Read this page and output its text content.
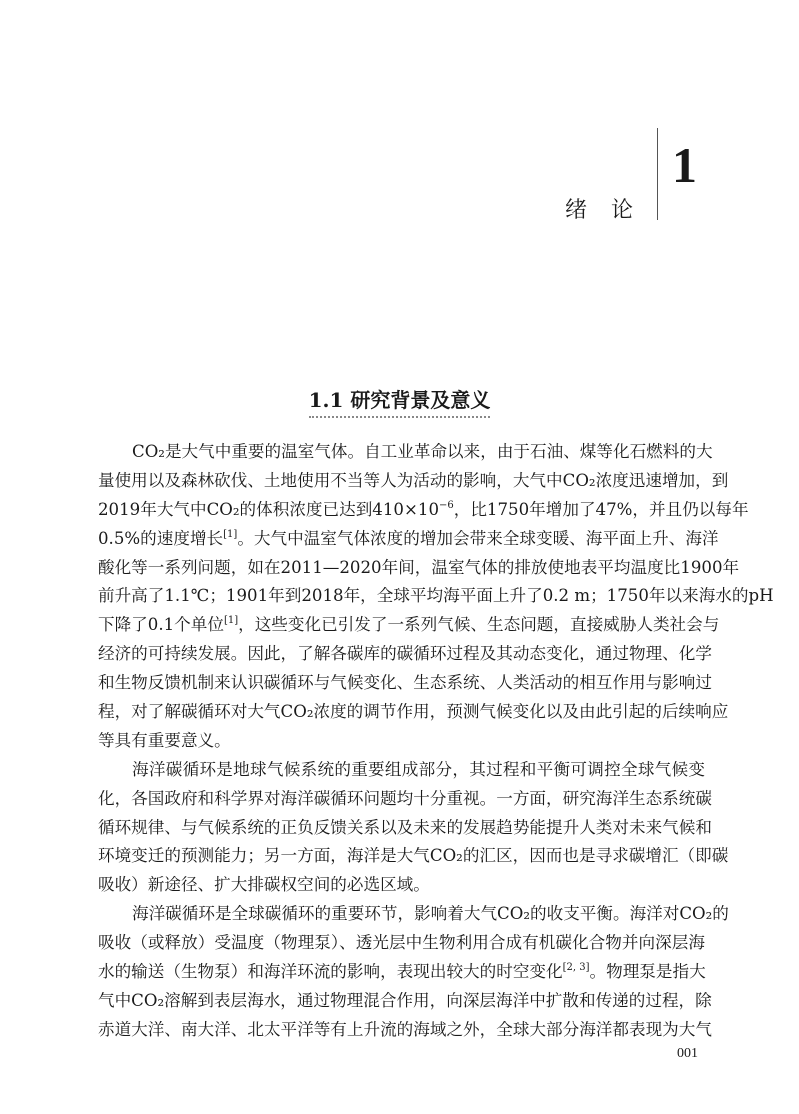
1
绪论
1.1 研究背景及意义
CO₂是大气中重要的温室气体。自工业革命以来，由于石油、煤等化石燃料的大
量使用以及森林砍伐、土地使用不当等人为活动的影响，大气中CO₂浓度迅速增加，到
2019年大气中CO₂的体积浓度已达到$410\times 10^{-6}$，比1750年增加了47%，并且仍以每年
0.5%的速度增长[1]。大气中温室气体浓度的增加会带来全球变暖、海平面上升、海洋
酸化等一系列问题，如在2011—2020年间，温室气体的排放使地表平均温度比1900年
前升高了1.1℃；1901年到2018年，全球平均海平面上升了0.2 m；1750年以来海水的pH
下降了0.1个单位[1]，这些变化已引发了一系列气候、生态问题，直接威胁人类社会与
经济的可持续发展。因此，了解各碳库的碳循环过程及其动态变化，通过物理、化学
和生物反馈机制来认识碳循环与气候变化、生态系统、人类活动的相互作用与影响过
程，对了解碳循环对大气CO₂浓度的调节作用，预测气候变化以及由此引起的后续响应
等具有重要意义。
海洋碳循环是地球气候系统的重要组成部分，其过程和平衡可调控全球气候变
化，各国政府和科学界对海洋碳循环问题均十分重视。一方面，研究海洋生态系统碳
循环规律、与气候系统的正负反馈关系以及未来的发展趋势能提升人类对未来气候和
环境变迁的预测能力；另一方面，海洋是大气CO₂的汇区，因而也是寻求碳增汇（即碳
吸收）新途径、扩大排碳权空间的必选区域。
海洋碳循环是全球碳循环的重要环节，影响着大气CO₂的收支平衡。海洋对CO₂的
吸收（或释放）受温度（物理泵）、透光层中生物利用合成有机碳化合物并向深层海
水的输送（生物泵）和海洋环流的影响，表现出较大的时空变化[2, 3]。物理泵是指大
气中CO₂溶解到表层海水，通过物理混合作用，向深层海洋中扩散和传递的过程，除
赤道大洋、南大洋、北太平洋等有上升流的海域之外，全球大部分海洋都表现为大气
001
